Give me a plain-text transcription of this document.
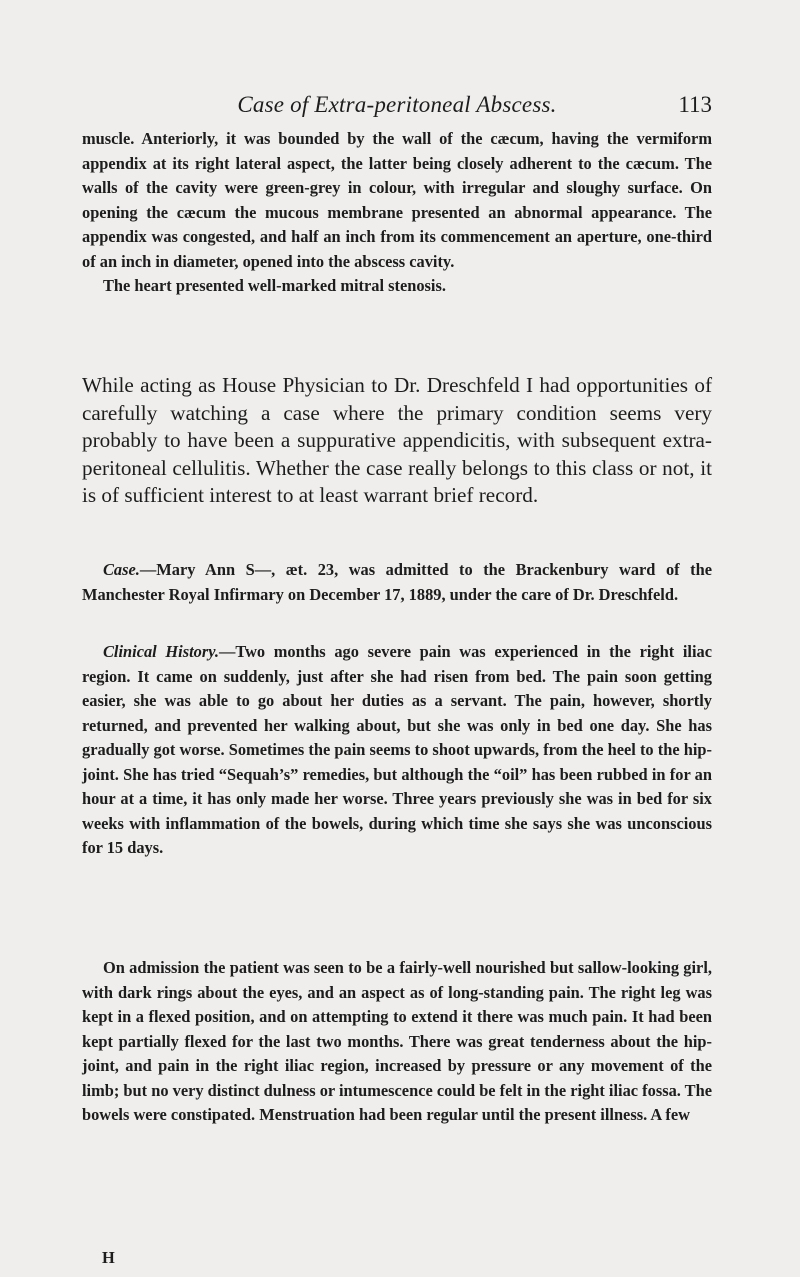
Case of Extra-peritoneal Abscess.	113

muscle. Anteriorly, it was bounded by the wall of the cæcum, having the vermiform appendix at its right lateral aspect, the latter being closely adherent to the cæcum. The walls of the cavity were green-grey in colour, with irregular and sloughy surface. On opening the cæcum the mucous membrane presented an abnormal appearance. The appendix was congested, and half an inch from its commencement an aperture, one-third of an inch in diameter, opened into the abscess cavity.

The heart presented well-marked mitral stenosis.

While acting as House Physician to Dr. Dreschfeld I had opportunities of carefully watching a case where the primary condition seems very probably to have been a suppurative appendicitis, with subsequent extra-peritoneal cellulitis. Whether the case really belongs to this class or not, it is of sufficient interest to at least warrant brief record.

Case.—Mary Ann S—, æt. 23, was admitted to the Brackenbury ward of the Manchester Royal Infirmary on December 17, 1889, under the care of Dr. Dreschfeld.

Clinical History.—Two months ago severe pain was experienced in the right iliac region. It came on suddenly, just after she had risen from bed. The pain soon getting easier, she was able to go about her duties as a servant. The pain, however, shortly returned, and prevented her walking about, but she was only in bed one day. She has gradually got worse. Sometimes the pain seems to shoot upwards, from the heel to the hip-joint. She has tried “Sequah’s” remedies, but although the “oil” has been rubbed in for an hour at a time, it has only made her worse. Three years previously she was in bed for six weeks with inflammation of the bowels, during which time she says she was unconscious for 15 days.

On admission the patient was seen to be a fairly-well nourished but sallow-looking girl, with dark rings about the eyes, and an aspect as of long-standing pain. The right leg was kept in a flexed position, and on attempting to extend it there was much pain. It had been kept partially flexed for the last two months. There was great tenderness about the hip-joint, and pain in the right iliac region, increased by pressure or any movement of the limb; but no very distinct dulness or intumescence could be felt in the right iliac fossa. The bowels were constipated. Menstruation had been regular until the present illness. A few

H
